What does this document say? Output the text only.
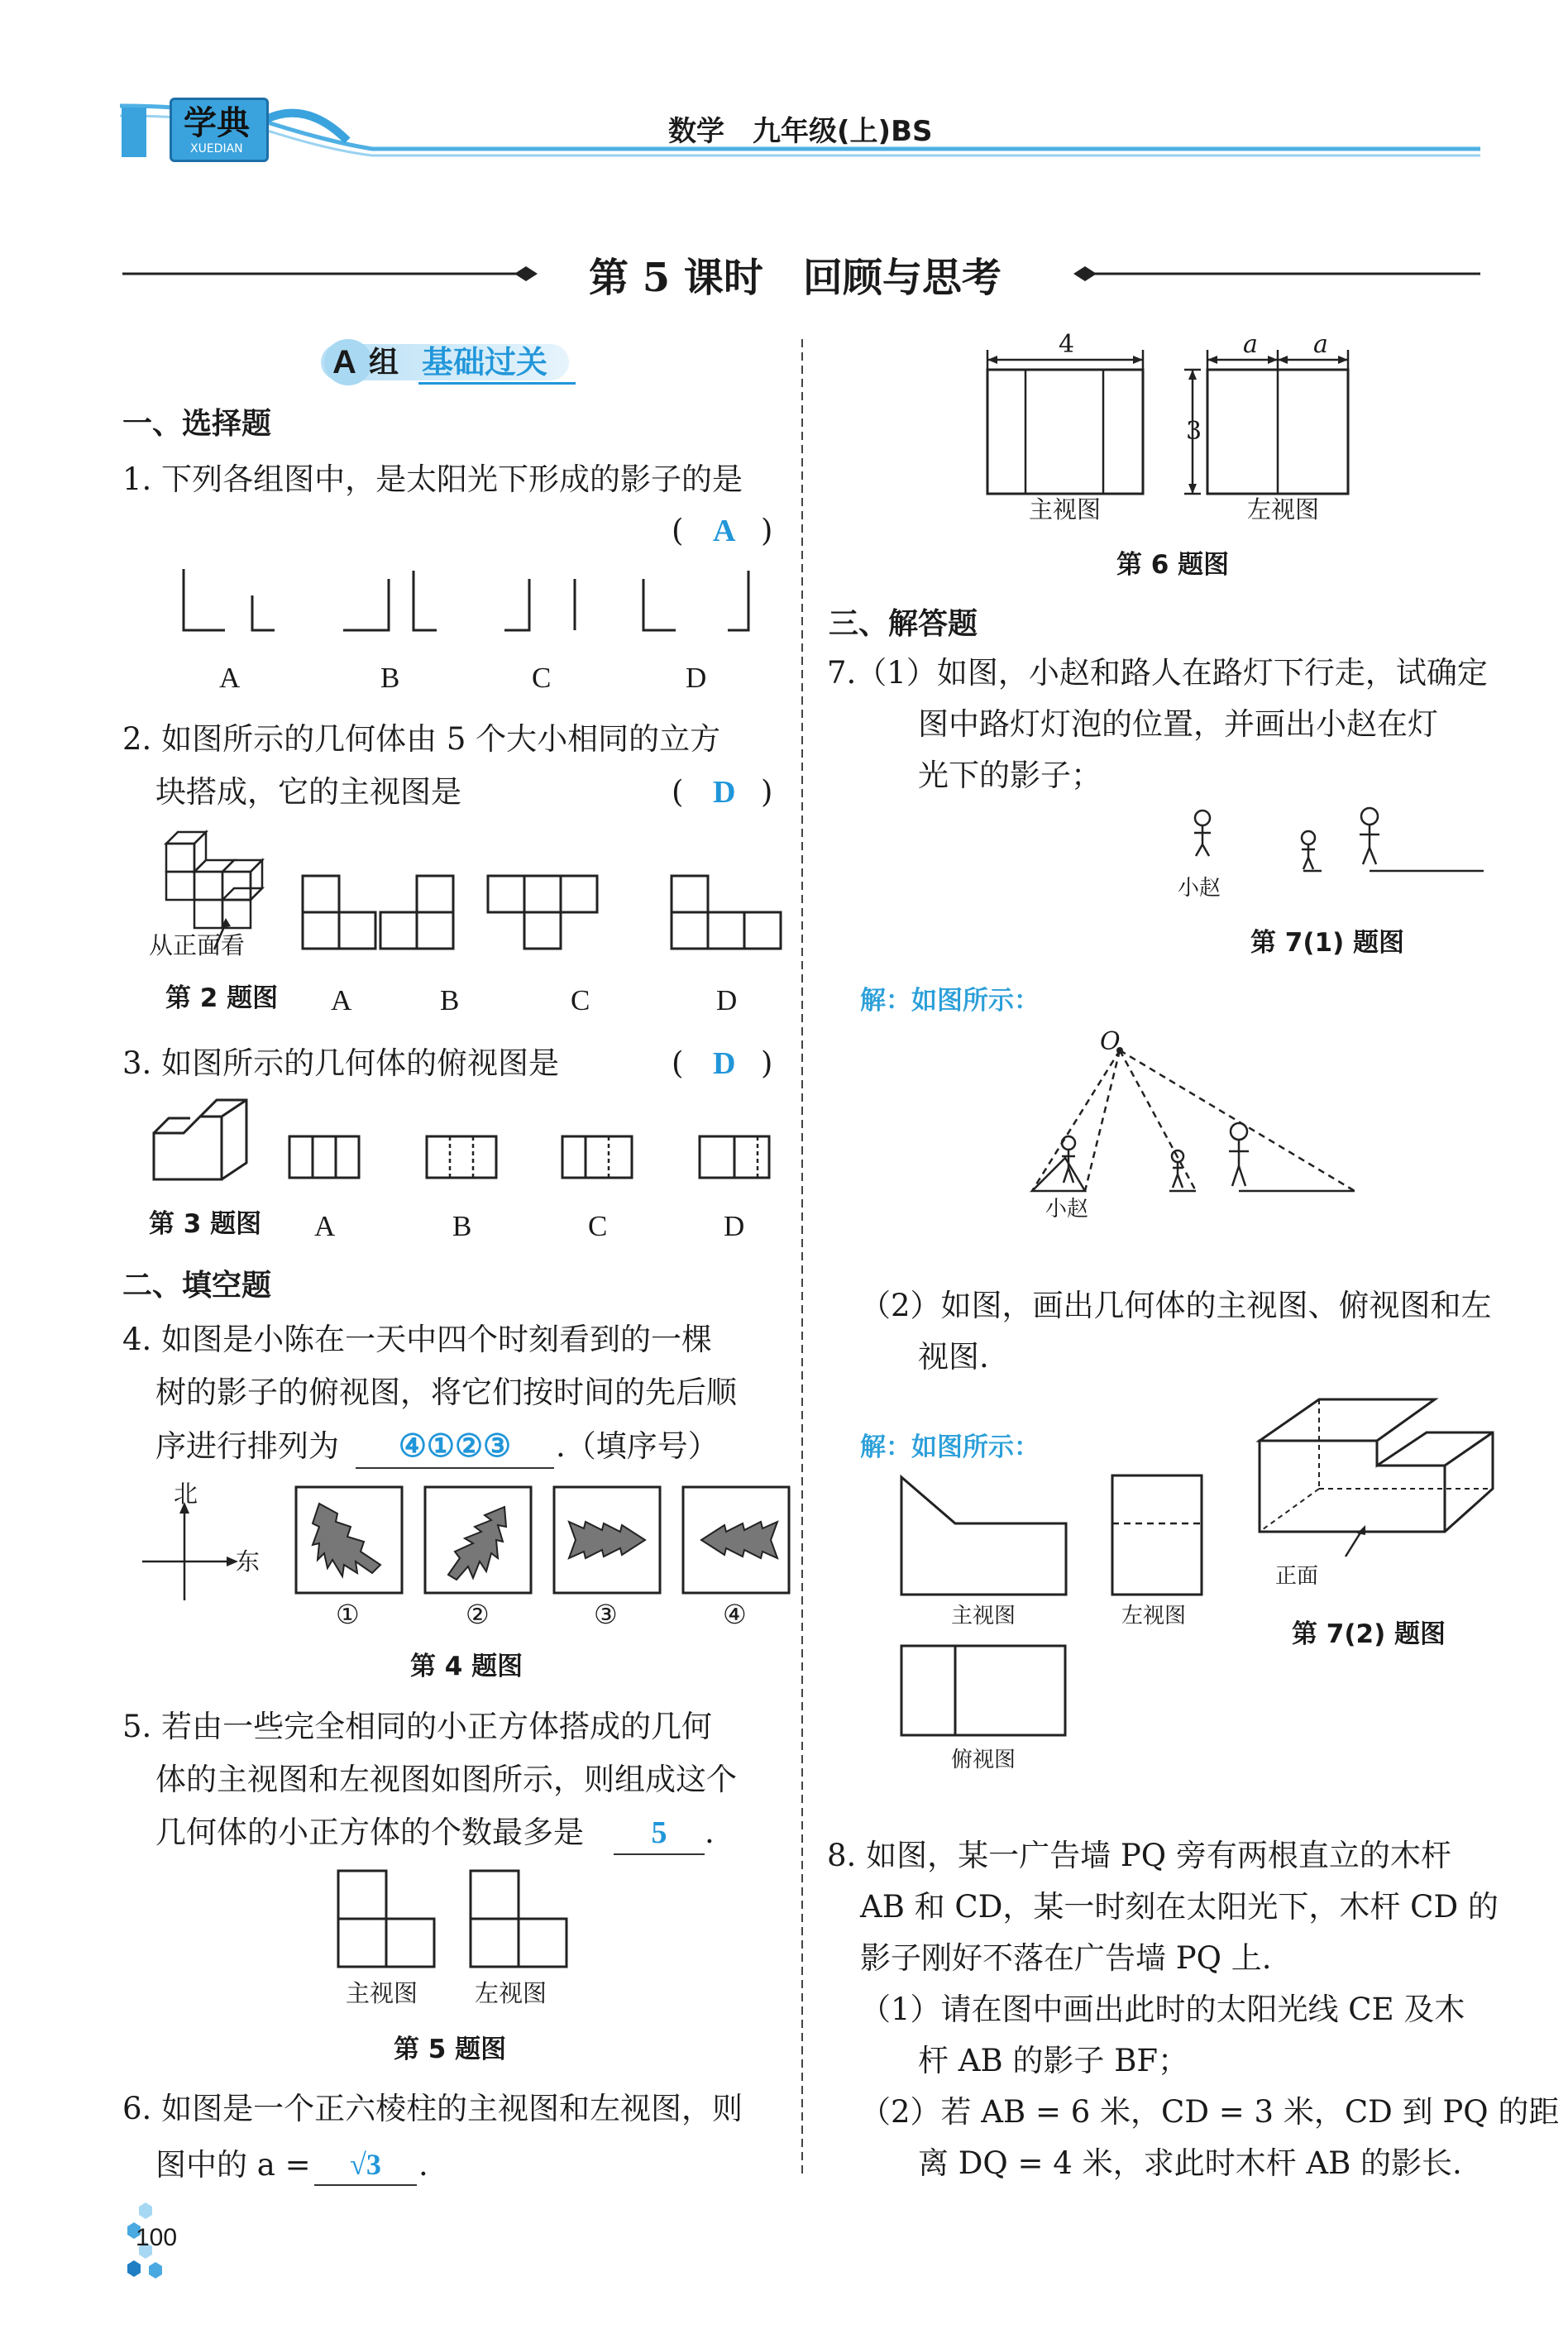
学典
XUEDIAN
数学　九年级(上)BS
第 5 课时　回顾与思考
A 组 基础过关
一、选择题
1. 下列各组图中，是太阳光下形成的影子的是
( A )
A	B	C	D
2. 如图所示的几何体由 5 个大小相同的立方
块搭成，它的主视图是	( D )
从正面看
第 2 题图 A	B	C	D
3. 如图所示的几何体的俯视图是	( D )
第 3 题图 A	B	C	D
二、填空题
4. 如图是小陈在一天中四个时刻看到的一棵
树的影子的俯视图，将它们按时间的先后顺
序进行排列为	④①②③	.（填序号）
北
东
①	②	③	④
第 4 题图
5. 若由一些完全相同的小正方体搭成的几何
体的主视图和左视图如图所示，则组成这个
几何体的小正方体的个数最多是	5	.
主视图 左视图
第 5 题图
6. 如图是一个正六棱柱的主视图和左视图，则
图中的 a =	√3	.
100
4	a a
3
主视图	左视图
第 6 题图
三、解答题
7.（1）如图，小赵和路人在路灯下行走，试确定
图中路灯灯泡的位置，并画出小赵在灯
光下的影子；
小赵
第 7(1) 题图
解：如图所示：
O
小赵
（2）如图，画出几何体的主视图、俯视图和左
视图.
解：如图所示：
正面
主视图	左视图
俯视图
第 7(2) 题图
8. 如图，某一广告墙 PQ 旁有两根直立的木杆
AB 和 CD，某一时刻在太阳光下，木杆 CD 的
影子刚好不落在广告墙 PQ 上.
（1）请在图中画出此时的太阳光线 CE 及木
杆 AB 的影子 BF；
（2）若 AB = 6 米，CD = 3 米，CD 到 PQ 的距
离 DQ = 4 米，求此时木杆 AB 的影长.
